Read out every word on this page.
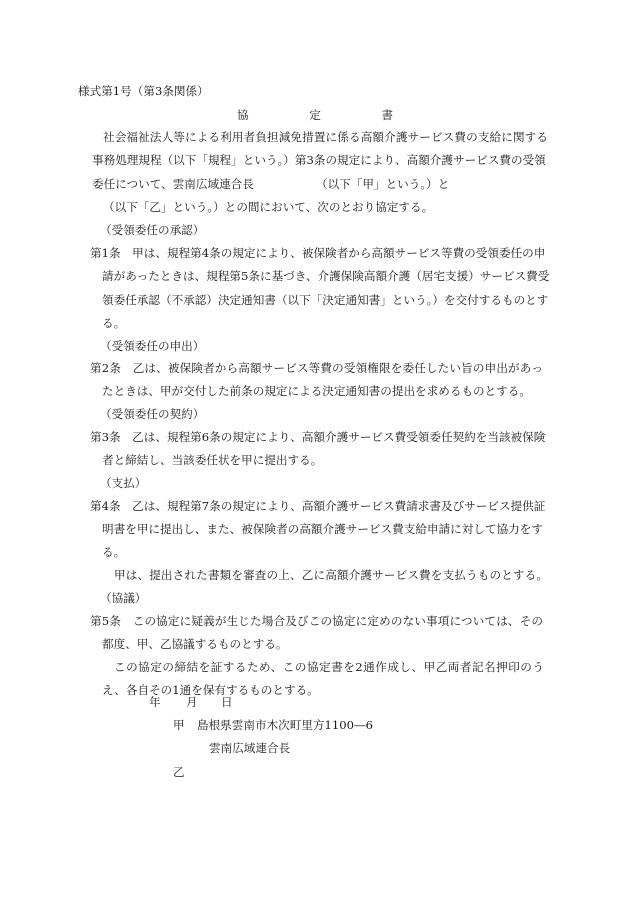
様式第1号（第3条関係）
協	定	書
社会福祉法人等による利用者負担減免措置に係る高額介護サービス費の支給に関する
事務処理規程（以下「規程」という。）第3条の規定により、高額介護サービス費の受領
委任について、雲南広域連合長	（以下「甲」という。）と
（以下「乙」という。）との間において、次のとおり協定する。
（受領委任の承認）
第1条　甲は、規程第4条の規定により、被保険者から高額サービス等費の受領委任の申
請があったときは、規程第5条に基づき、介護保険高額介護（居宅支援）サービス費受
領委任承認（不承認）決定通知書（以下「決定通知書」という。）を交付するものとす
る。
（受領委任の申出）
第2条　乙は、被保険者から高額サービス等費の受領権限を委任したい旨の申出があっ
たときは、甲が交付した前条の規定による決定通知書の提出を求めるものとする。
（受領委任の契約）
第3条　乙は、規程第6条の規定により、高額介護サービス費受領委任契約を当該被保険
者と締結し、当該委任状を甲に提出する。
（支払）
第4条　乙は、規程第7条の規定により、高額介護サービス費請求書及びサービス提供証
明書を甲に提出し、また、被保険者の高額介護サービス費支給申請に対して協力をす
る。
甲は、提出された書類を審査の上、乙に高額介護サービス費を支払うものとする。
（協議）
第5条　この協定に疑義が生じた場合及びこの協定に定めのない事項については、その
都度、甲、乙協議するものとする。
この協定の締結を証するため、この協定書を2通作成し、甲乙両者記名押印のう
え、各自その1通を保有するものとする。
年 月 日
甲 島根県雲南市木次町里方1100―6
雲南広域連合長
乙
